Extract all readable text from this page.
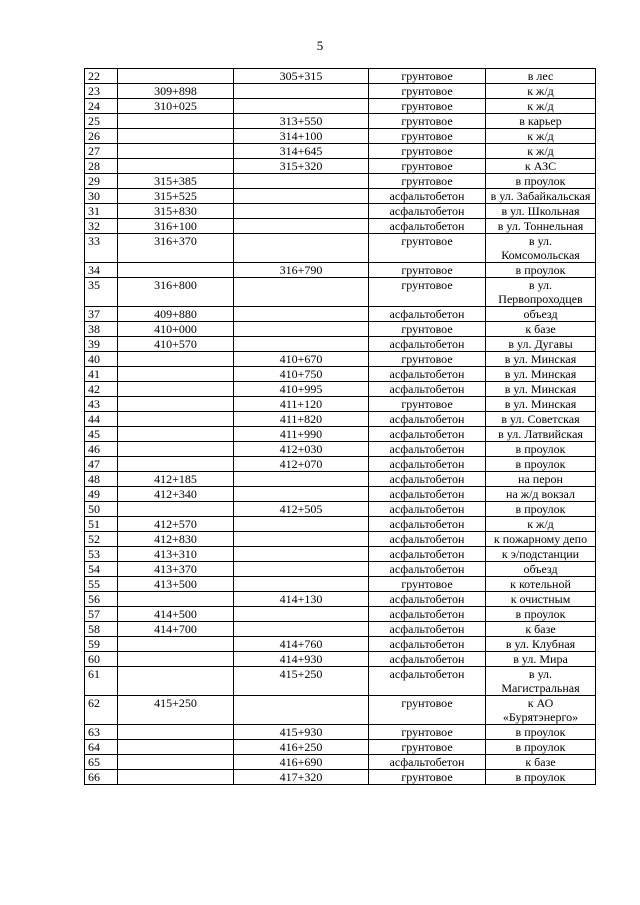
5
22		305+315	грунтовое	в лес
23	309+898		грунтовое	к ж/д
24	310+025		грунтовое	к ж/д
25		313+550	грунтовое	в карьер
26		314+100	грунтовое	к ж/д
27		314+645	грунтовое	к ж/д
28		315+320	грунтовое	к АЗС
29	315+385		грунтовое	в проулок
30	315+525		асфальтобетон	в ул. Забайкальская
31	315+830		асфальтобетон	в ул. Школьная
32	316+100		асфальтобетон	в ул. Тоннельная
33	316+370		грунтовое	в ул. Комсомольская
34		316+790	грунтовое	в проулок
35	316+800		грунтовое	в ул. Первопроходцев
37	409+880		асфальтобетон	объезд
38	410+000		грунтовое	к базе
39	410+570		асфальтобетон	в ул. Дугавы
40		410+670	грунтовое	в ул. Минская
41		410+750	асфальтобетон	в ул. Минская
42		410+995	асфальтобетон	в ул. Минская
43		411+120	грунтовое	в ул. Минская
44		411+820	асфальтобетон	в ул. Советская
45		411+990	асфальтобетон	в ул. Латвийская
46		412+030	асфальтобетон	в проулок
47		412+070	асфальтобетон	в проулок
48	412+185		асфальтобетон	на перон
49	412+340		асфальтобетон	на ж/д вокзал
50		412+505	асфальтобетон	в проулок
51	412+570		асфальтобетон	к ж/д
52	412+830		асфальтобетон	к пожарному депо
53	413+310		асфальтобетон	к э/подстанции
54	413+370		асфальтобетон	объезд
55	413+500		грунтовое	к котельной
56		414+130	асфальтобетон	к очистным
57	414+500		асфальтобетон	в проулок
58	414+700		асфальтобетон	к базе
59		414+760	асфальтобетон	в ул. Клубная
60		414+930	асфальтобетон	в ул. Мира
61		415+250	асфальтобетон	в ул. Магистральная
62	415+250		грунтовое	к АО «Бурятэнерго»
63		415+930	грунтовое	в проулок
64		416+250	грунтовое	в проулок
65		416+690	асфальтобетон	к базе
66		417+320	грунтовое	в проулок
